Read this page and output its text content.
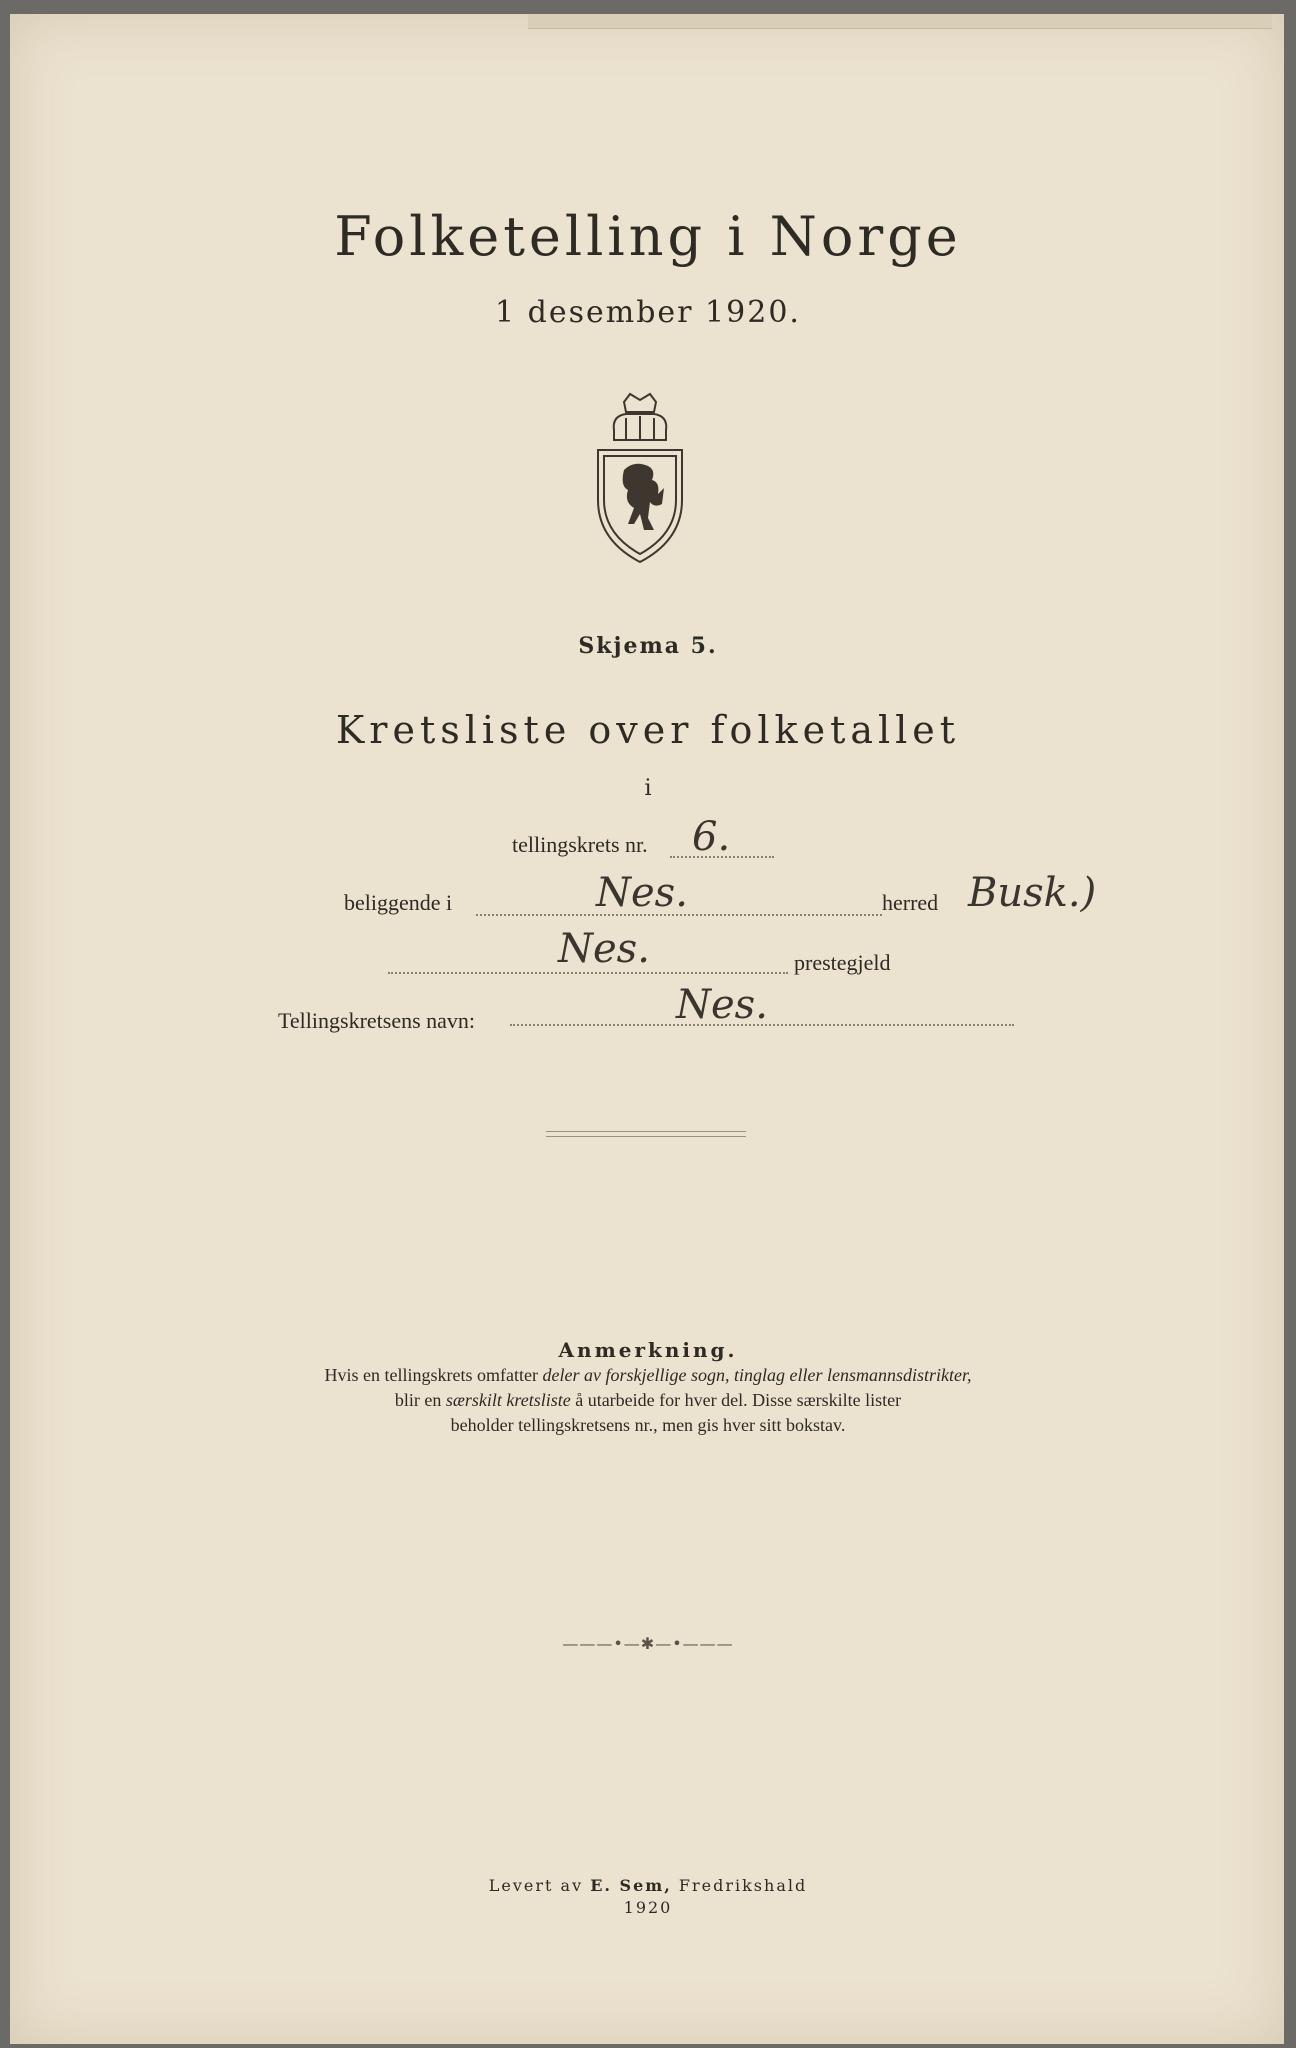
Folketelling i Norge
1 desember 1920.
Skjema 5.
Kretsliste over folketallet
i
tellingskrets nr. 6.
beliggende i	Nes.	herred Busk.)
Nes.	prestegjeld
Tellingskretsens navn:	Nes.
Anmerkning.
Hvis en tellingskrets omfatter deler av forskjellige sogn, tinglag eller lensmannsdistrikter,
blir en særskilt kretsliste å utarbeide for hver del. Disse særskilte lister
beholder tellingskretsens nr., men gis hver sitt bokstav.
———•—✱—•———
Levert av E. Sem, Fredrikshald
1920
